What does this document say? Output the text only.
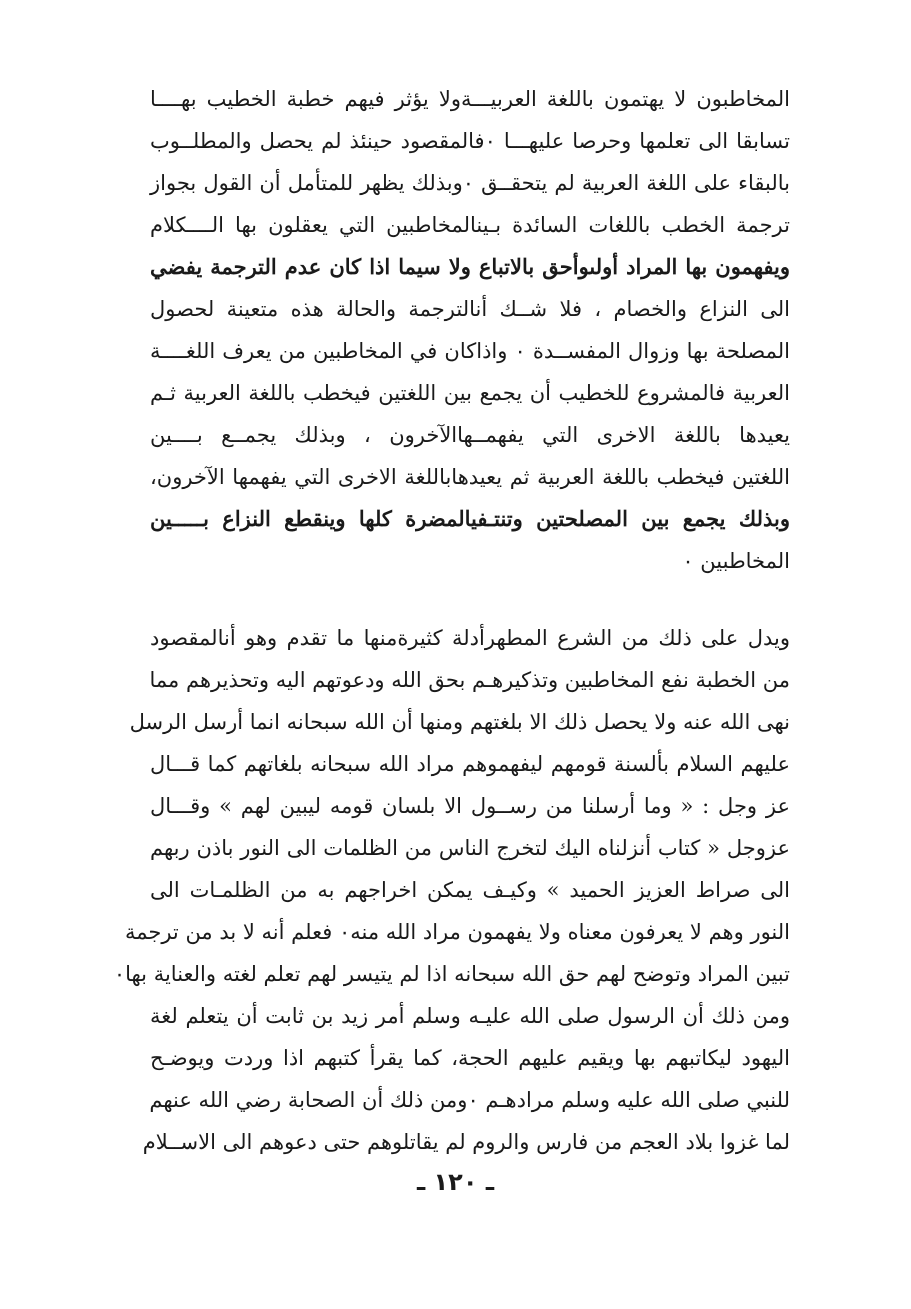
المخاطبون لا يهتمون باللغة العربيـــةولا يؤثر فيهم خطبة الخطيب بهــــا
تسابقا الى تعلمها وحرصا عليهـــا ٠فالمقصود حينئذ لم يحصل والمطلــوب
بالبقاء على اللغة العربية لم يتحقــق ٠وبذلك يظهر للمتأمل أن القول بجواز
ترجمة الخطب باللغات السائدة بـينالمخاطبين التي يعقلون بها الــــكلام
ويفهمون بها المراد أولىوأحق بالاتباع ولا سيما اذا كان عدم الترجمة يفضي
الى النزاع والخصام ، فلا شــك أنالترجمة والحالة هذه متعينة لحصول
المصلحة بها وزوال المفســدة ٠ واذاكان في المخاطبين من يعرف اللغــــة
العربية فالمشروع للخطيب أن يجمع بين اللغتين فيخطب باللغة العربية ثـم
يعيدها باللغة الاخرى التي يفهمــهاالآخرون ، وبذلك يجمــع بــــين
اللغتين فيخطب باللغة العربية ثم يعيدهاباللغة الاخرى التي يفهمها الآخرون،
وبذلك يجمع بين المصلحتين وتنتـفيالمضرة كلها وينقطع النزاع بـــــين
المخاطبين ٠
ويدل على ذلك من الشرع المطهرأدلة كثيرةمنها ما تقدم وهو أنالمقصود
من الخطبة نفع المخاطبين وتذكيرهـم بحق الله ودعوتهم اليه وتحذيرهم مما
نهى الله عنه ولا يحصل ذلك الا بلغتهم ومنها أن الله سبحانه انما أرسل الرسل
عليهم السلام بألسنة قومهم ليفهموهم مراد الله سبحانه بلغاتهم كما قـــال
عز وجل : « وما أرسلنا من رســول الا بلسان قومه ليبين لهم » وقـــال
عزوجل « كتاب أنزلناه اليك لتخرج الناس من الظلمات الى النور باذن ربهم
الى صراط العزيز الحميد » وكيـف يمكن اخراجهم به من الظلمـات الى
النور وهم لا يعرفون معناه ولا يفهمون مراد الله منه٠ فعلم أنه لا بد من ترجمة
تبين المراد وتوضح لهم حق الله سبحانه اذا لم يتيسر لهم تعلم لغته والعناية بها٠
ومن ذلك أن الرسول صلى الله عليـه وسلم أمر زيد بن ثابت أن يتعلم لغة
اليهود ليكاتبهم بها ويقيم عليهم الحجة، كما يقرأ كتبهم اذا وردت ويوضـح
للنبي صلى الله عليه وسلم مرادهـم ٠ومن ذلك أن الصحابة رضي الله عنهم
لما غزوا بلاد العجم من فارس والروم لم يقاتلوهم حتى دعوهم الى الاســلام
ـ ١٢٠ ـ
